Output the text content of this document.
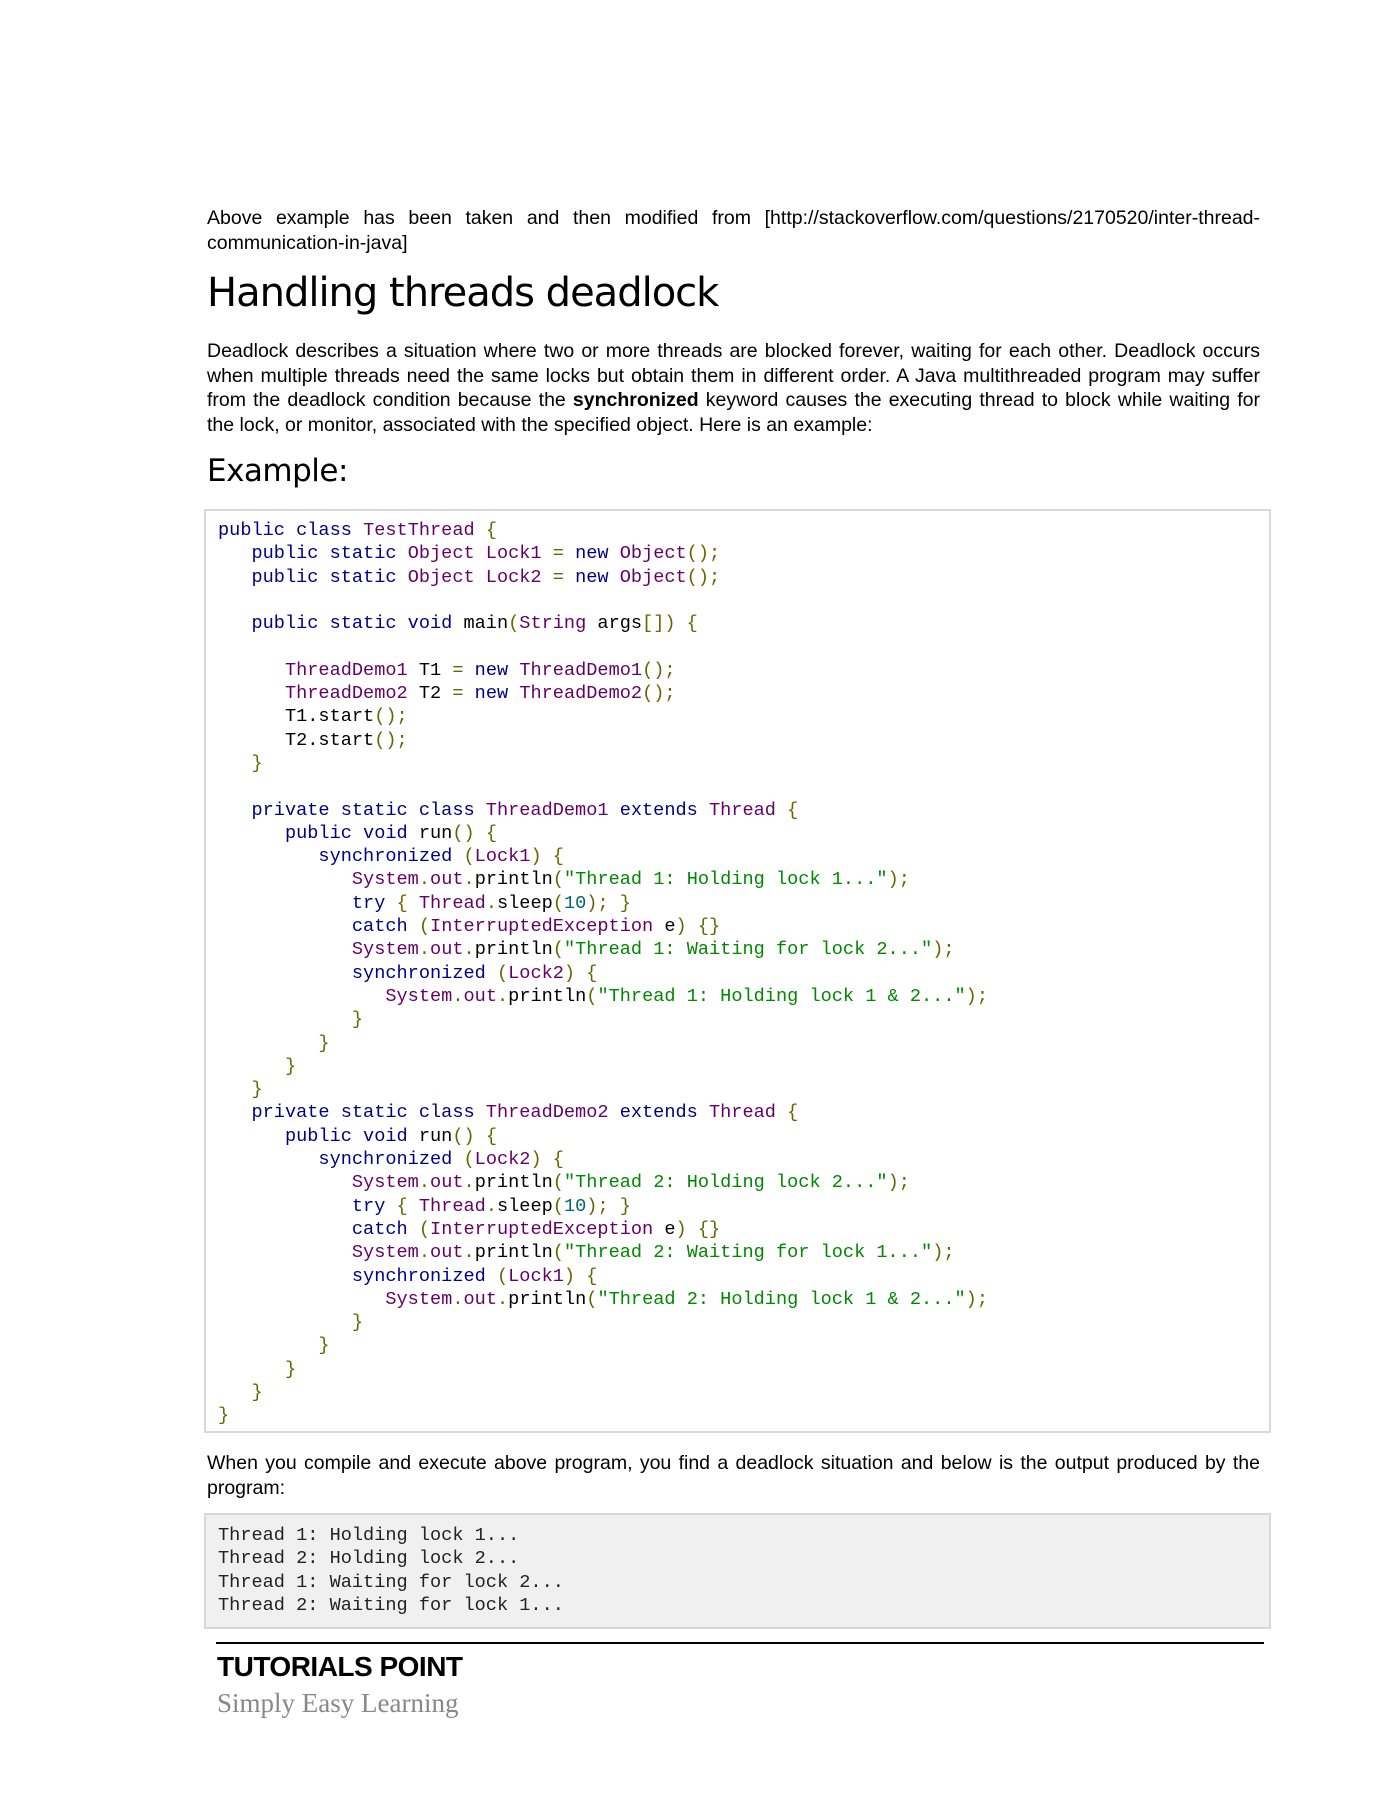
Above example has been taken and then modified from [http://stackoverflow.com/questions/2170520/inter-thread-communication-in-java]
Handling threads deadlock
Deadlock describes a situation where two or more threads are blocked forever, waiting for each other. Deadlock occurs when multiple threads need the same locks but obtain them in different order. A Java multithreaded program may suffer from the deadlock condition because the synchronized keyword causes the executing thread to block while waiting for the lock, or monitor, associated with the specified object. Here is an example:
Example:
public class TestThread {
public static Object Lock1 = new Object();
public static Object Lock2 = new Object();

public static void main(String args[]) {

ThreadDemo1 T1 = new ThreadDemo1();
ThreadDemo2 T2 = new ThreadDemo2();
T1.start();
T2.start();
}

private static class ThreadDemo1 extends Thread {
public void run() {
synchronized (Lock1) {
System.out.println("Thread 1: Holding lock 1...");
try { Thread.sleep(10); }
catch (InterruptedException e) {}
System.out.println("Thread 1: Waiting for lock 2...");
synchronized (Lock2) {
System.out.println("Thread 1: Holding lock 1 & 2...");
}
}
}
}
private static class ThreadDemo2 extends Thread {
public void run() {
synchronized (Lock2) {
System.out.println("Thread 2: Holding lock 2...");
try { Thread.sleep(10); }
catch (InterruptedException e) {}
System.out.println("Thread 2: Waiting for lock 1...");
synchronized (Lock1) {
System.out.println("Thread 2: Holding lock 1 & 2...");
}
}
}
}
}
When you compile and execute above program, you find a deadlock situation and below is the output produced by the program:
Thread 1: Holding lock 1...
Thread 2: Holding lock 2...
Thread 1: Waiting for lock 2...
Thread 2: Waiting for lock 1...
TUTORIALS POINT
Simply Easy Learning
